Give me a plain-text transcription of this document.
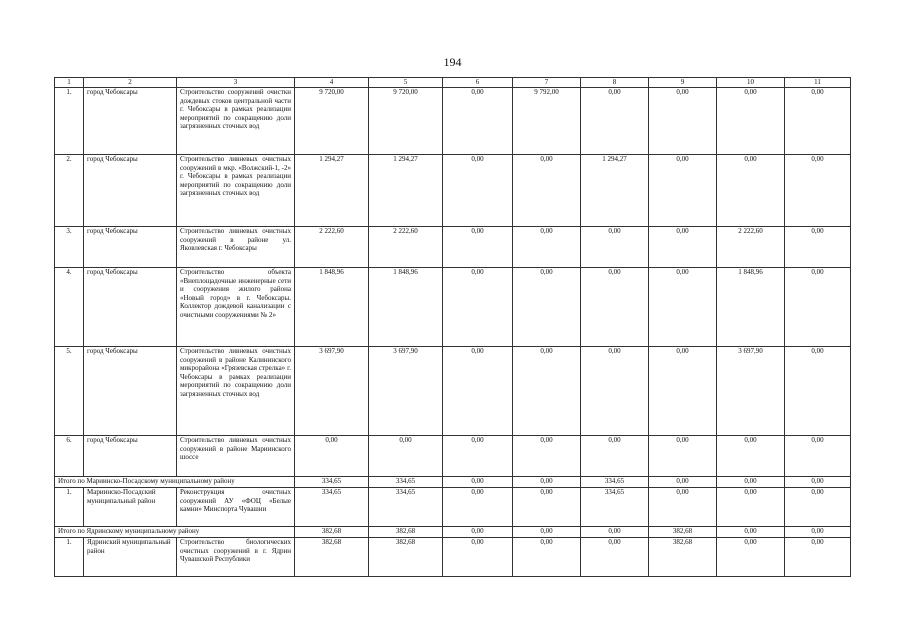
194
1	2	3	4	5	6	7	8	9	10	11
1.	город Чебоксары	Строительство сооружений очистки дождевых стоков центральной части г. Чебоксары в рамках реализации мероприятий по сокращению доли загрязненных сточных вод	9 720,00	9 720,00	0,00	9 792,00	0,00	0,00	0,00	0,00
2.	город Чебоксары	Строительство ливневых очистных сооружений в мкр. «Волжский-1, -2» г. Чебоксары в рамках реализации мероприятий по сокращению доли загрязненных сточных вод	1 294,27	1 294,27	0,00	0,00	1 294,27	0,00	0,00	0,00
3.	город Чебоксары	Строительство ливневых очистных сооружений в районе ул. Яковлевская г. Чебоксары	2 222,60	2 222,60	0,00	0,00	0,00	0,00	2 222,60	0,00
4.	город Чебоксары	Строительство объекта «Внеплощадочные инженерные сети и сооружения жилого района «Новый город» в г. Чебоксары. Коллектор дождевой канализации с очистными сооружениями № 2»	1 848,96	1 848,96	0,00	0,00	0,00	0,00	1 848,96	0,00
5.	город Чебоксары	Строительство ливневых очистных сооружений в районе Калининского микрорайона «Грязевская стрелка» г. Чебоксары в рамках реализации мероприятий по сокращению доли загрязненных сточных вод	3 697,90	3 697,90	0,00	0,00	0,00	0,00	3 697,90	0,00
6.	город Чебоксары	Строительство ливневых очистных сооружений в районе Мариинского шоссе	0,00	0,00	0,00	0,00	0,00	0,00	0,00	0,00
Итого по Мариинско-Посадскому муниципальному району			334,65	334,65	0,00	0,00	334,65	0,00	0,00	0,00
1.	Мариинско-Посадский муниципальный район	Реконструкция очистных сооружений АУ «ФОЦ «Белые камни» Минспорта Чувашии	334,65	334,65	0,00	0,00	334,65	0,00	0,00	0,00
Итого по Ядринскому муниципальному району			382,68	382,68	0,00	0,00	0,00	382,68	0,00	0,00
1.	Ядринский муниципальный район	Строительство биологических очистных сооружений в г. Ядрин Чувашской Республики	382,68	382,68	0,00	0,00	0,00	382,68	0,00	0,00
